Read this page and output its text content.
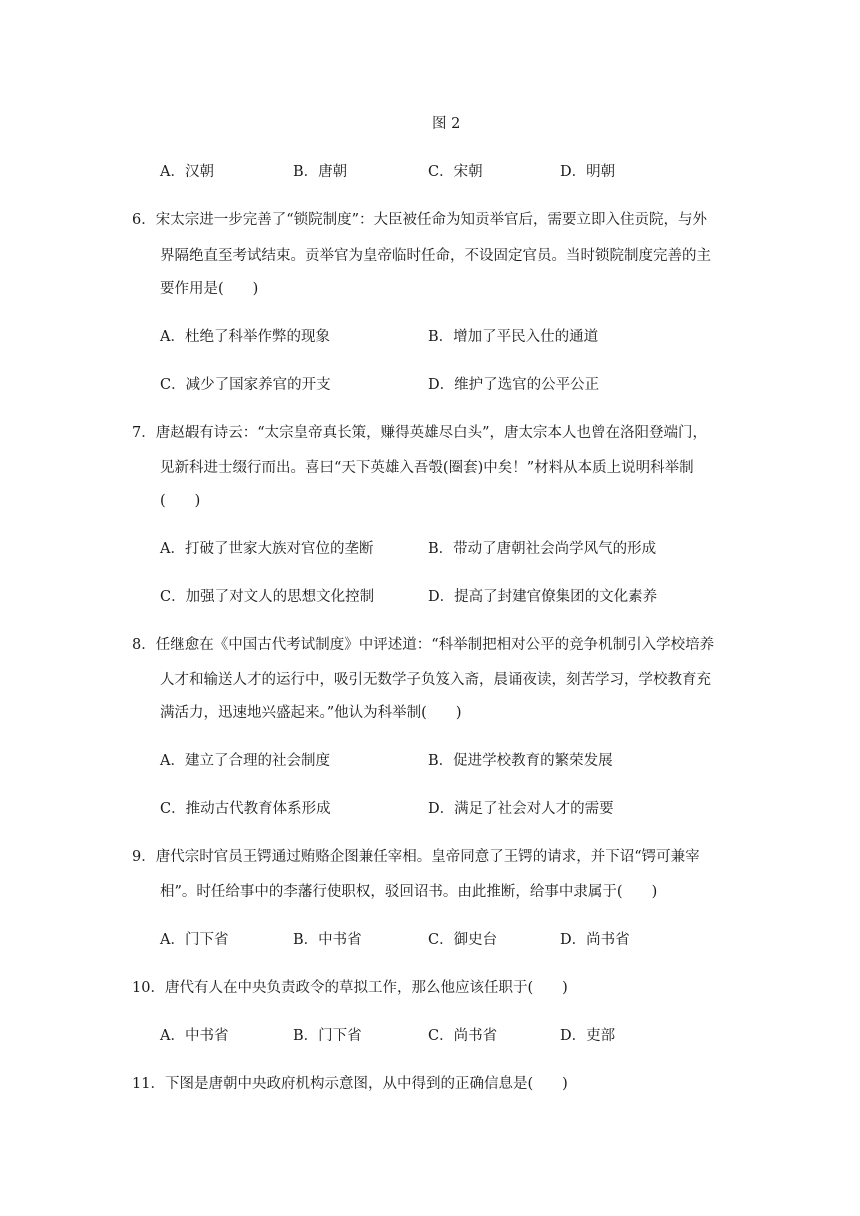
图 2
A．汉朝	B．唐朝	C．宋朝	D．明朝
6．宋太宗进一步完善了“锁院制度”：大臣被任命为知贡举官后，需要立即入住贡院，与外
界隔绝直至考试结束。贡举官为皇帝临时任命，不设固定官员。当时锁院制度完善的主
要作用是(　　)
A．杜绝了科举作弊的现象	B．增加了平民入仕的通道
C．减少了国家养官的开支	D．维护了选官的公平公正
7．唐赵嘏有诗云：“太宗皇帝真长策，赚得英雄尽白头”，唐太宗本人也曾在洛阳登端门，
见新科进士缀行而出。喜曰“天下英雄入吾彀(圈套)中矣！”材料从本质上说明科举制
(　　)
A．打破了世家大族对官位的垄断	B．带动了唐朝社会尚学风气的形成
C．加强了对文人的思想文化控制	D．提高了封建官僚集团的文化素养
8．任继愈在《中国古代考试制度》中评述道：“科举制把相对公平的竞争机制引入学校培养
人才和输送人才的运行中，吸引无数学子负笈入斋，晨诵夜读，刻苦学习，学校教育充
满活力，迅速地兴盛起来。”他认为科举制(　　)
A．建立了合理的社会制度	B．促进学校教育的繁荣发展
C．推动古代教育体系形成	D．满足了社会对人才的需要
9．唐代宗时官员王锷通过贿赂企图兼任宰相。皇帝同意了王锷的请求，并下诏“锷可兼宰
相”。时任给事中的李藩行使职权，驳回诏书。由此推断，给事中隶属于(　　)
A．门下省	B．中书省	C．御史台	D．尚书省
10．唐代有人在中央负责政令的草拟工作，那么他应该任职于(　　)
A．中书省	B．门下省	C．尚书省	D．吏部
11．下图是唐朝中央政府机构示意图，从中得到的正确信息是(　　)
